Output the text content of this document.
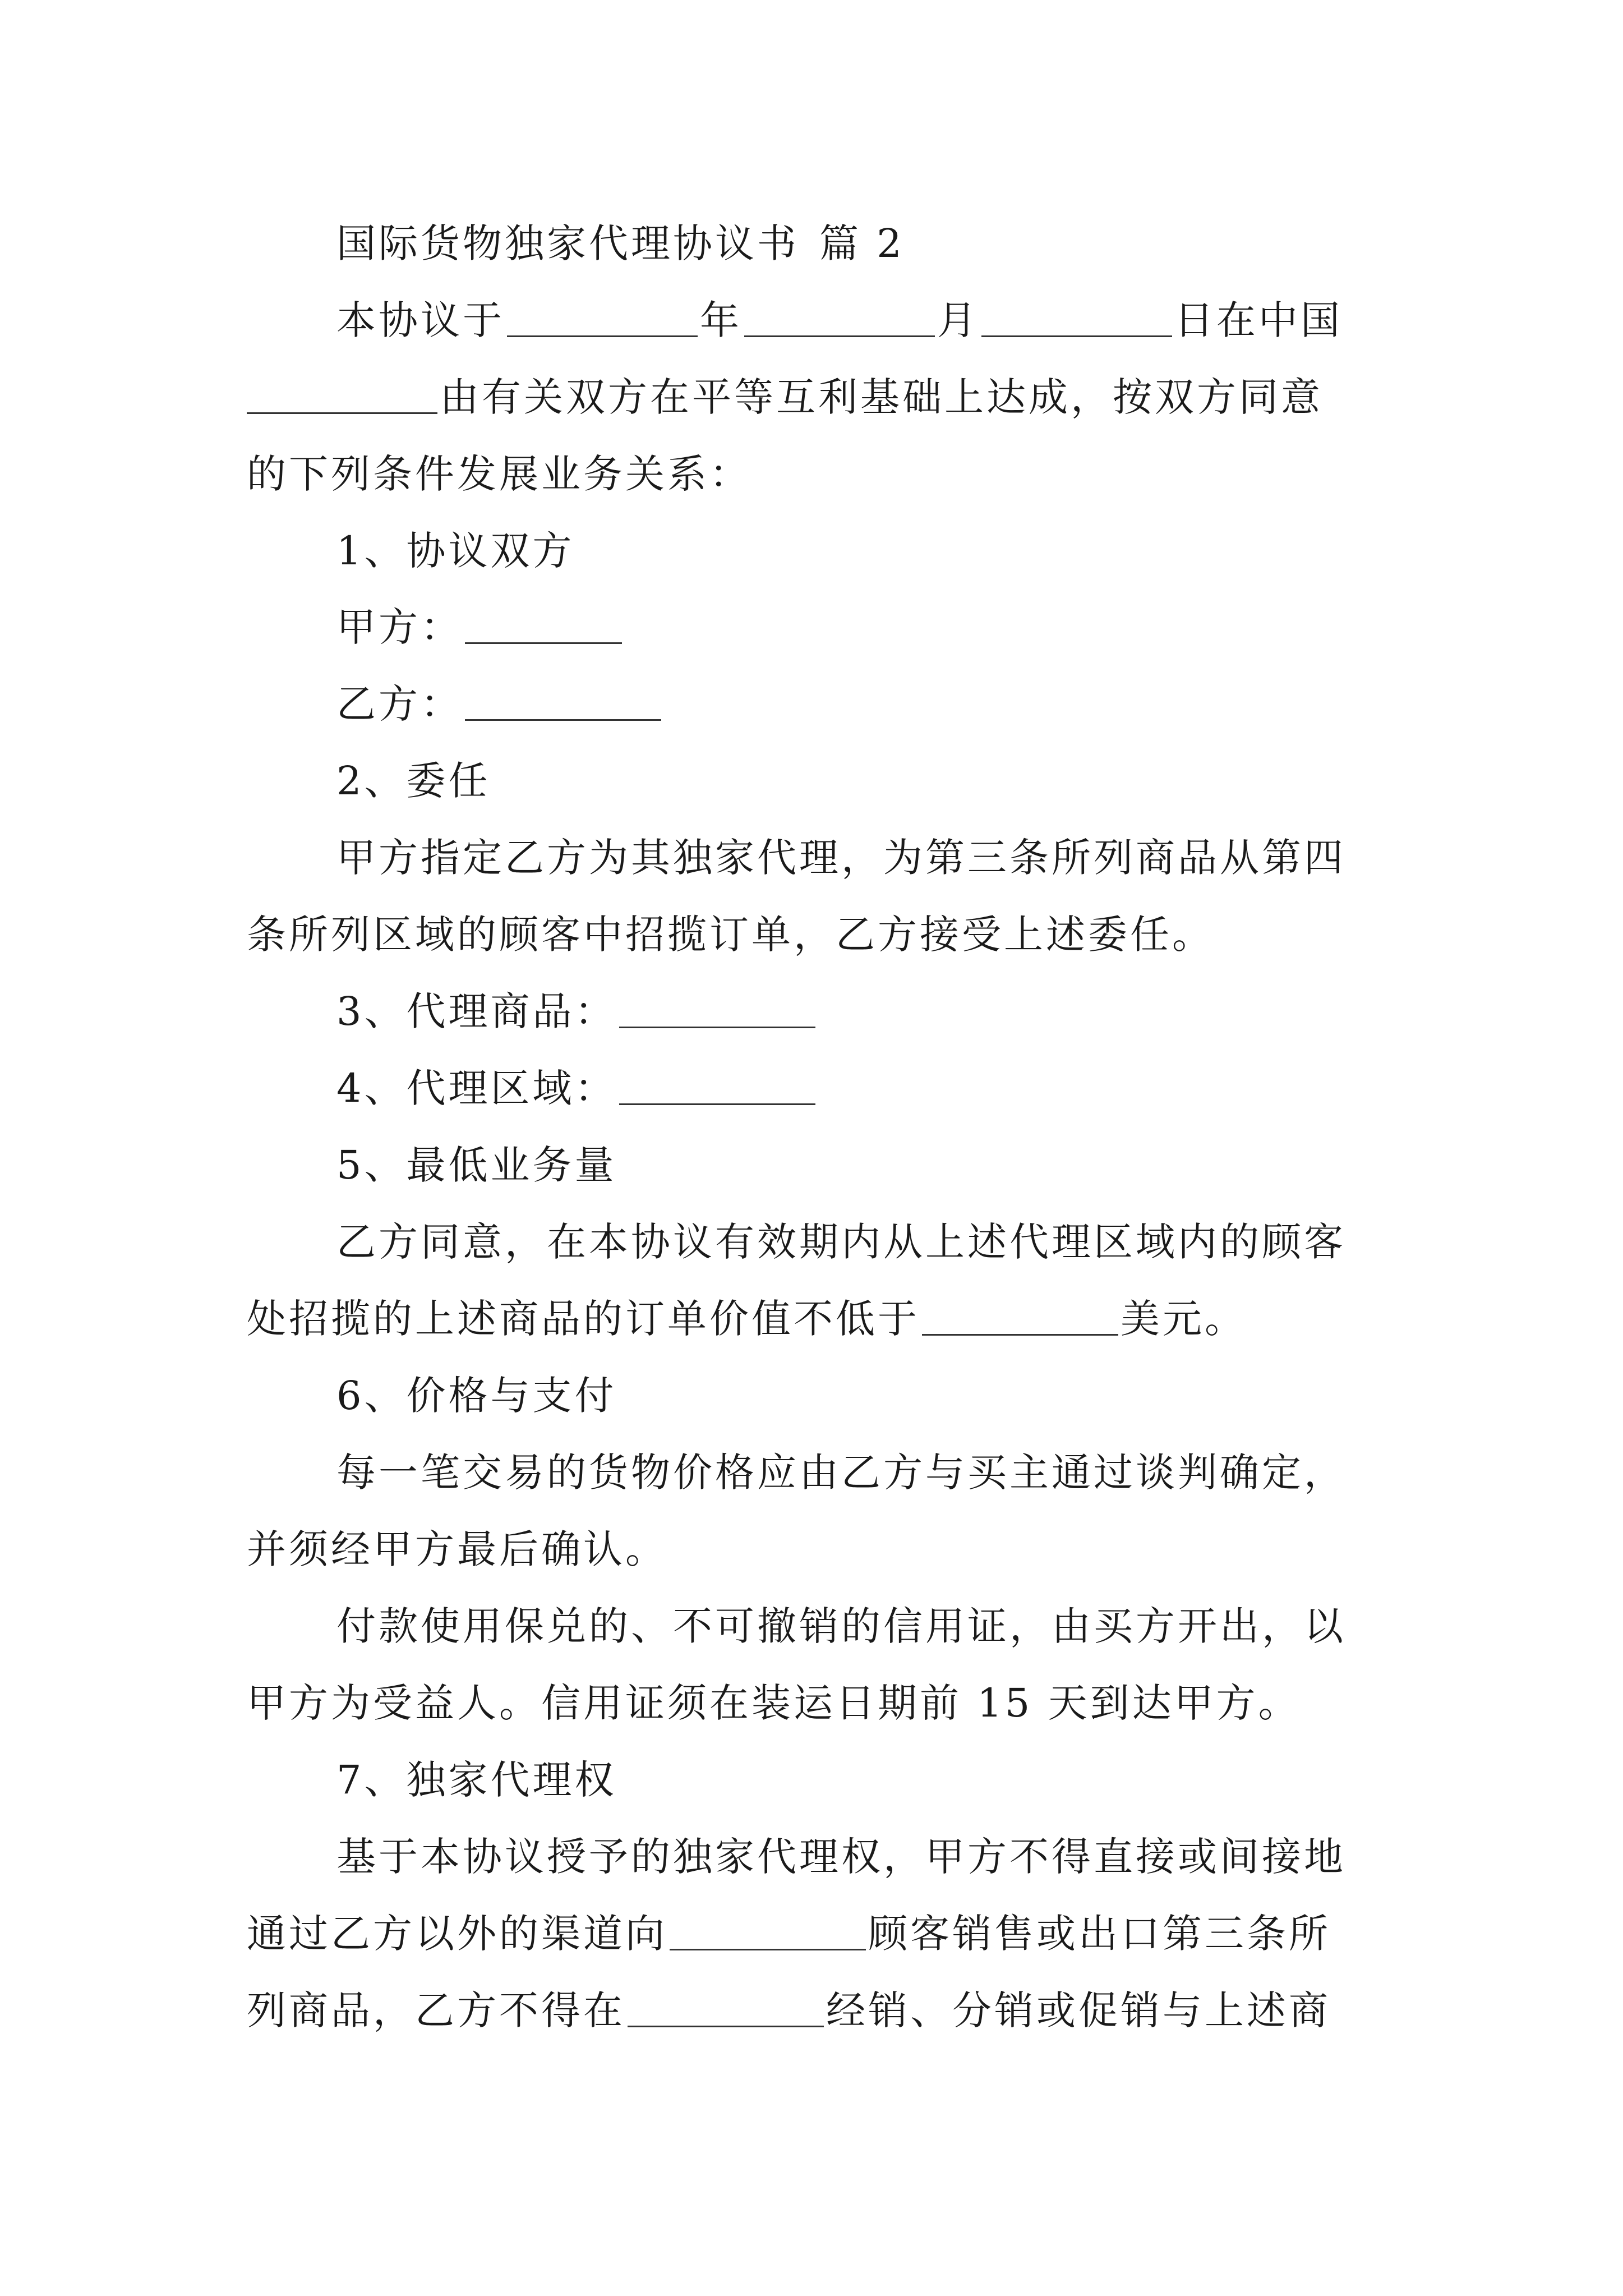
国际货物独家代理协议书 篇 2
本协议于	年	月	日在中国
由有关双方在平等互利基础上达成，按双方同意
的下列条件发展业务关系：
1、协议双方
甲方：
乙方：
2、委任
甲方指定乙方为其独家代理，为第三条所列商品从第四
条所列区域的顾客中招揽订单，乙方接受上述委任。
3、代理商品：
4、代理区域：
5、最低业务量
乙方同意，在本协议有效期内从上述代理区域内的顾客
处招揽的上述商品的订单价值不低于	美元。
6、价格与支付
每一笔交易的货物价格应由乙方与买主通过谈判确定，
并须经甲方最后确认。
付款使用保兑的、不可撤销的信用证，由买方开出，以
甲方为受益人。信用证须在装运日期前 15 天到达甲方。
7、独家代理权
基于本协议授予的独家代理权，甲方不得直接或间接地
通过乙方以外的渠道向	顾客销售或出口第三条所
列商品，乙方不得在	经销、分销或促销与上述商
